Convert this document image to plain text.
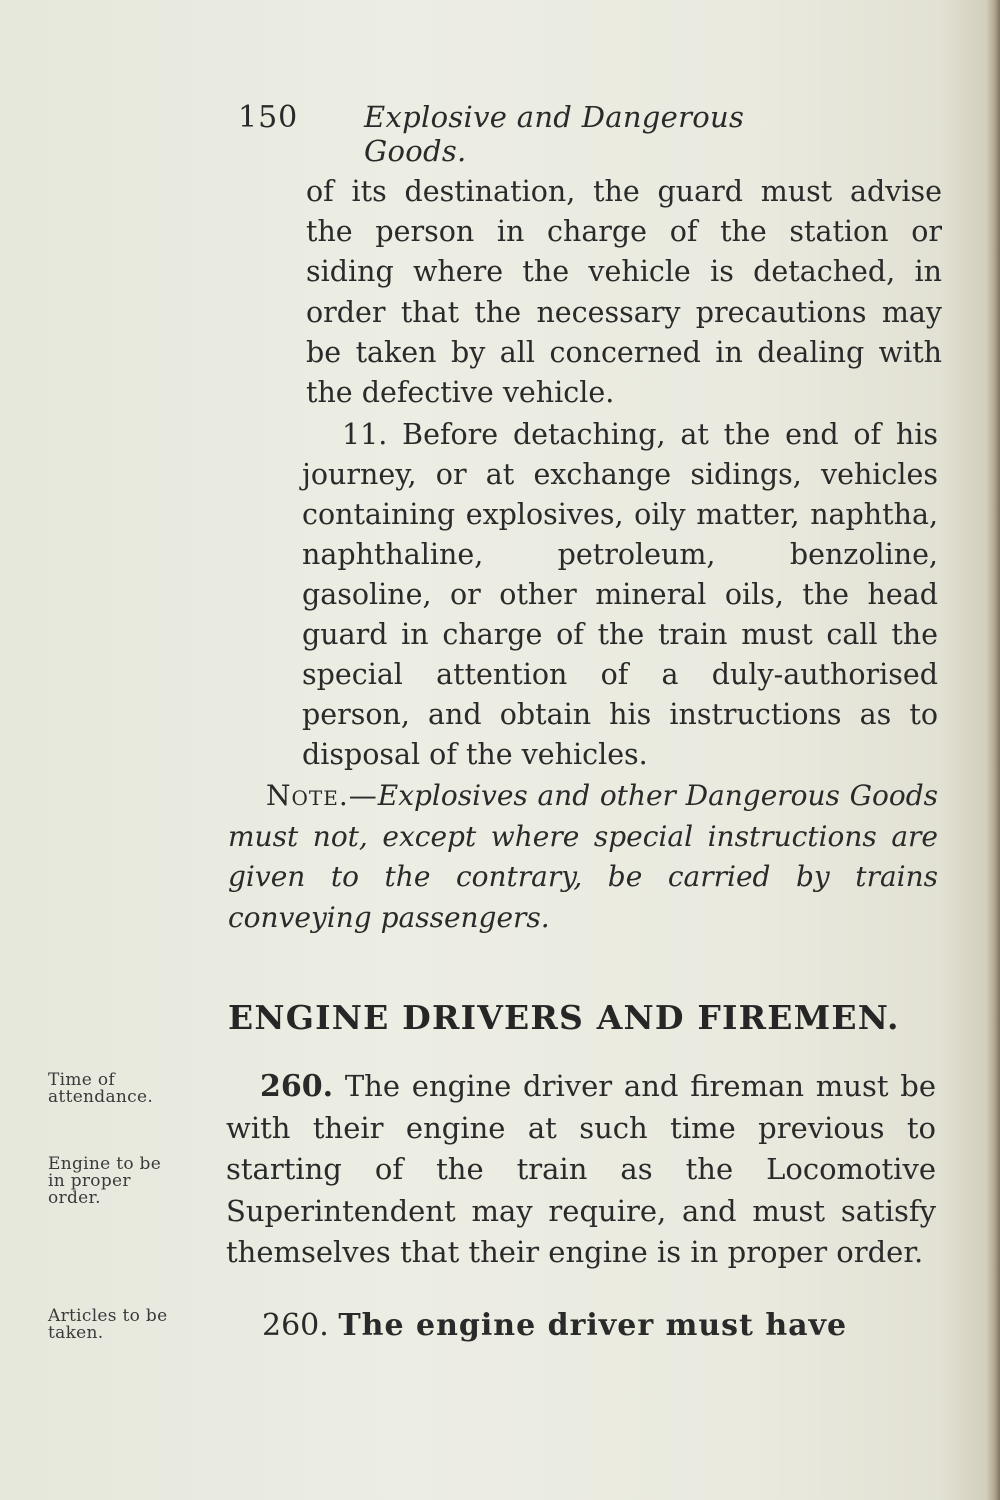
150 Explosive and Dangerous Goods.

of its destination, the guard must advise the person in charge of the station or siding where the vehicle is detached, in order that the necessary precautions may be taken by all concerned in dealing with the defective vehicle.

11. Before detaching, at the end of his journey, or at exchange sidings, vehicles containing explosives, oily matter, naphtha, naphthaline, petroleum, benzoline, gasoline, or other mineral oils, the head guard in charge of the train must call the special attention of a duly-authorised person, and obtain his instructions as to disposal of the vehicles.

Note.—Explosives and other Dangerous Goods must not, except where special instructions are given to the contrary, be carried by trains conveying passengers.

ENGINE DRIVERS AND FIREMEN.

260. The engine driver and fireman must be with their engine at such time previous to starting of the train as the Locomotive Superintendent may require, and must satisfy themselves that their engine is in proper order.

260. The engine driver must have
Time of
attendance.
Engine to be
in proper
order.
Articles to be
taken.
